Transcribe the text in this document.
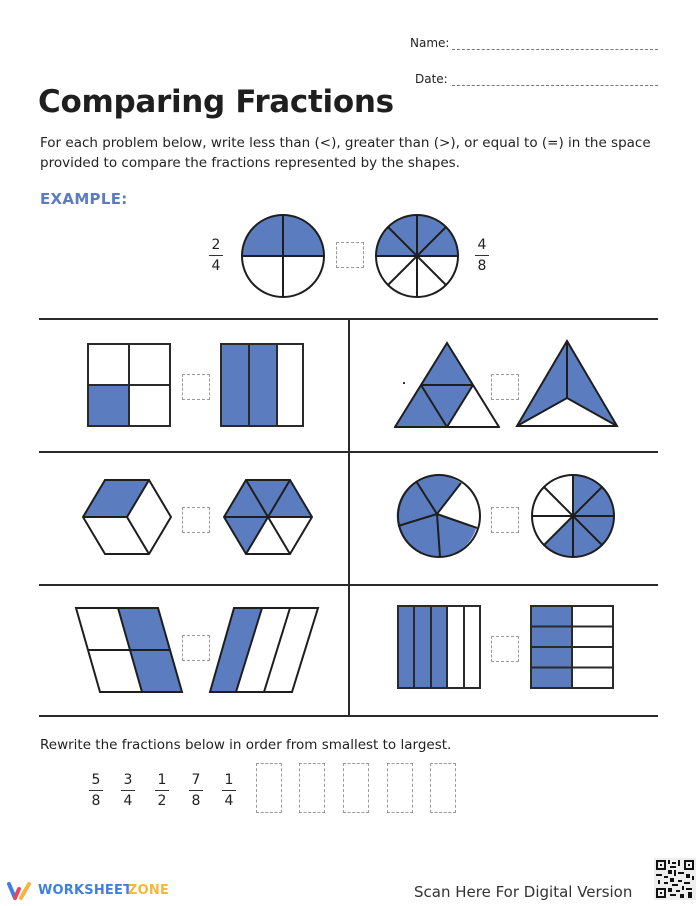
Name:
Date:
Comparing Fractions
For each problem below, write less than (<), greater than (>), or equal to (=) in the space provided to compare the fractions represented by the shapes.
EXAMPLE:
2
4
4
8
Rewrite the fractions below in order from smallest to largest.
5
8
3
4
1
2
7
8
1
4
WORKSHEET
ZONE	Scan Here For Digital Version
